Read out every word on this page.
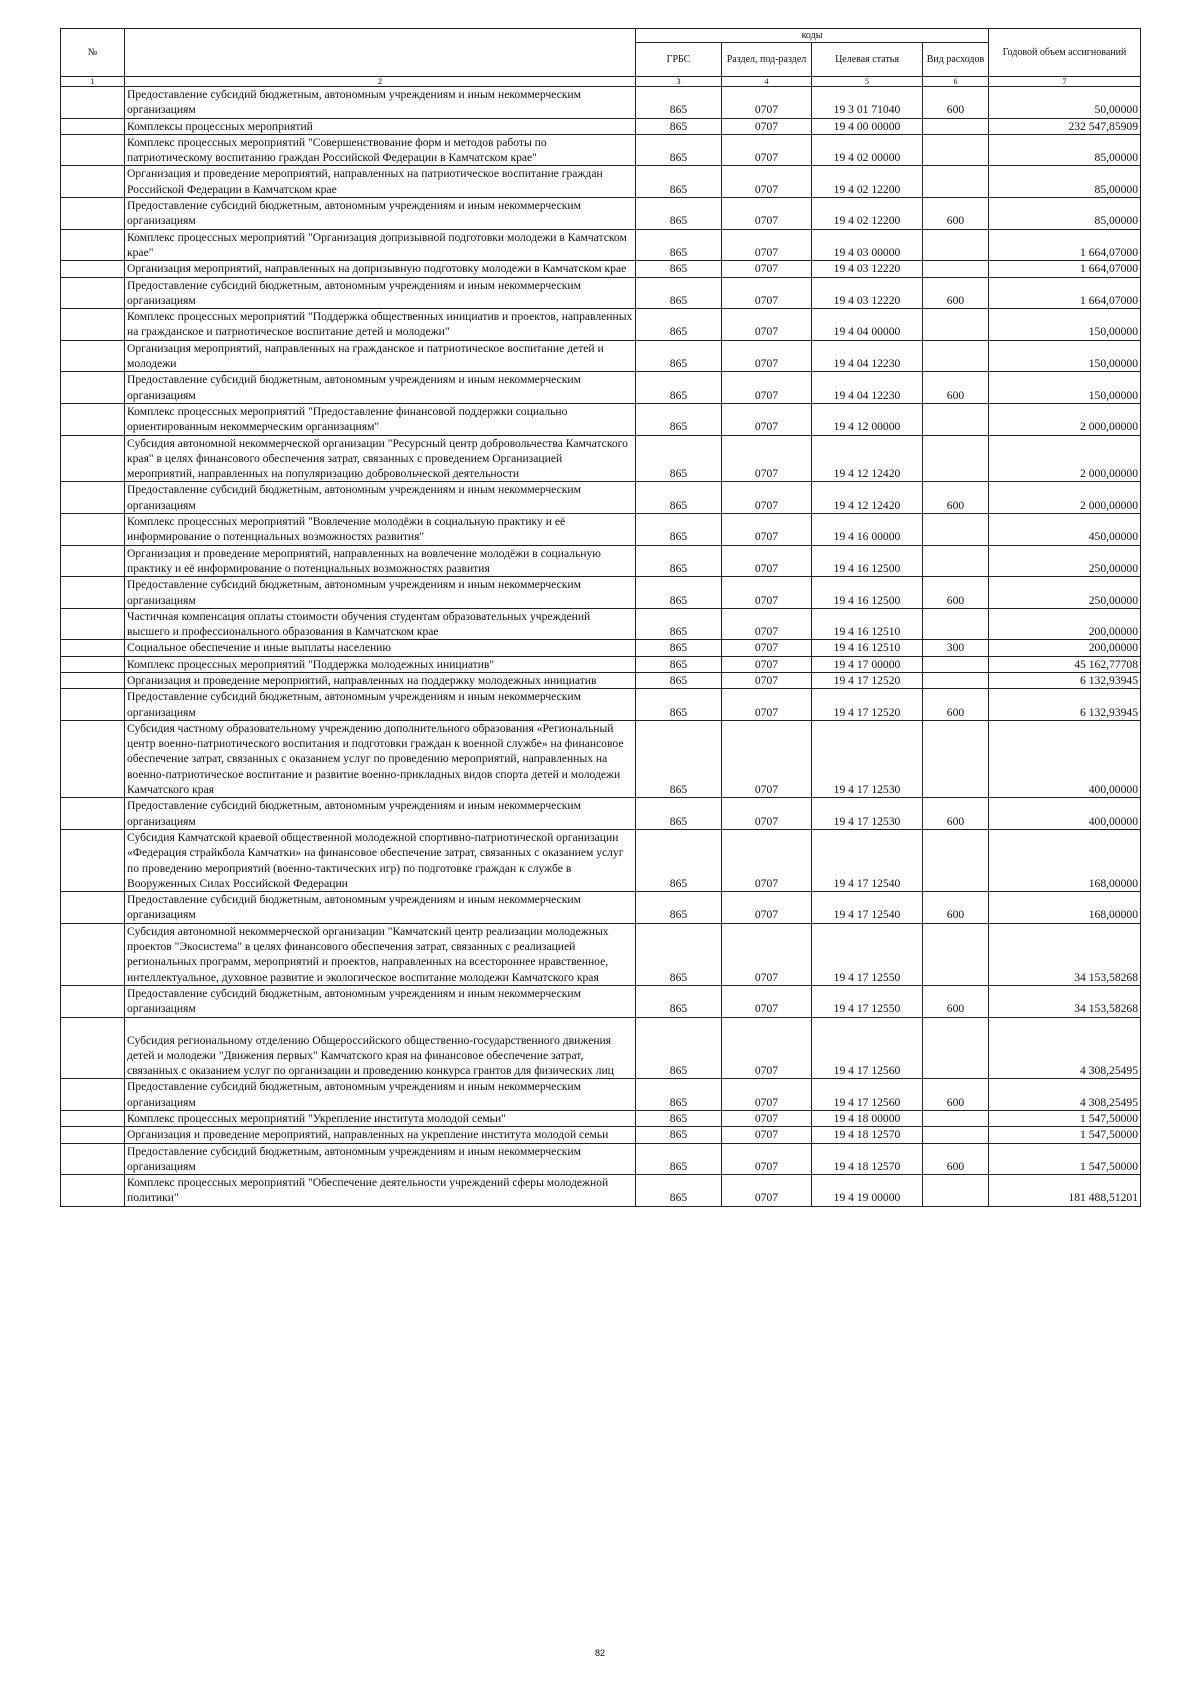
№		коды				Годовой объем ассигнований
		ГРБС	Раздел, под-раздел	Целевая статья	Вид расходов	
1	2	3	4	5	6	7
	Предоставление субсидий бюджетным, автономным учреждениям и иным некоммерческим организациям	865	0707	19 3 01 71040	600	50,00000
	Комплексы процессных мероприятий	865	0707	19 4 00 00000		232 547,85909
	Комплекс процессных мероприятий "Совершенствование форм и методов работы по патриотическому воспитанию граждан Российской Федерации в Камчатском крае"	865	0707	19 4 02 00000		85,00000
	Организация и проведение мероприятий, направленных на патриотическое воспитание граждан Российской Федерации в Камчатском крае	865	0707	19 4 02 12200		85,00000
	Предоставление субсидий бюджетным, автономным учреждениям и иным некоммерческим организациям	865	0707	19 4 02 12200	600	85,00000
	Комплекс процессных мероприятий "Организация допризывной подготовки молодежи в Камчатском крае"	865	0707	19 4 03 00000		1 664,07000
	Организация мероприятий, направленных на допризывную подготовку молодежи в Камчатском крае	865	0707	19 4 03 12220		1 664,07000
	Предоставление субсидий бюджетным, автономным учреждениям и иным некоммерческим организациям	865	0707	19 4 03 12220	600	1 664,07000
	Комплекс процессных мероприятий "Поддержка общественных инициатив и проектов, направленных на гражданское и патриотическое воспитание детей и молодежи"	865	0707	19 4 04 00000		150,00000
	Организация мероприятий, направленных на гражданское и патриотическое воспитание детей и молодежи	865	0707	19 4 04 12230		150,00000
	Предоставление субсидий бюджетным, автономным учреждениям и иным некоммерческим организациям	865	0707	19 4 04 12230	600	150,00000
	Комплекс процессных мероприятий "Предоставление финансовой поддержки социально ориентированным некоммерческим организациям"	865	0707	19 4 12 00000		2 000,00000
	Субсидия автономной некоммерческой организации "Ресурсный центр добровольчества Камчатского края" в целях финансового обеспечения затрат, связанных с проведением Организацией мероприятий, направленных на популяризацию добровольческой деятельности	865	0707	19 4 12 12420		2 000,00000
	Предоставление субсидий бюджетным, автономным учреждениям и иным некоммерческим организациям	865	0707	19 4 12 12420	600	2 000,00000
	Комплекс процессных мероприятий "Вовлечение молодёжи в социальную практику и её информирование о потенциальных возможностях развития"	865	0707	19 4 16 00000		450,00000
	Организация и проведение мероприятий, направленных на вовлечение молодёжи в социальную практику и её информирование о потенциальных возможностях развития	865	0707	19 4 16 12500		250,00000
	Предоставление субсидий бюджетным, автономным учреждениям и иным некоммерческим организациям	865	0707	19 4 16 12500	600	250,00000
	Частичная компенсация оплаты стоимости обучения студентам образовательных учреждений высшего и профессионального образования в Камчатском крае	865	0707	19 4 16 12510		200,00000
	Социальное обеспечение и иные выплаты населению	865	0707	19 4 16 12510	300	200,00000
	Комплекс процессных мероприятий "Поддержка молодежных инициатив"	865	0707	19 4 17 00000		45 162,77708
	Организация и проведение мероприятий, направленных на поддержку молодежных инициатив	865	0707	19 4 17 12520		6 132,93945
	Предоставление субсидий бюджетным, автономным учреждениям и иным некоммерческим организациям	865	0707	19 4 17 12520	600	6 132,93945
	Субсидия частному образовательному учреждению дополнительного образования «Региональный центр военно-патриотического воспитания и подготовки граждан к военной службе» на финансовое обеспечение затрат, связанных с оказанием услуг по проведению мероприятий, направленных на военно-патриотическое воспитание и развитие военно-прикладных видов спорта детей и молодежи Камчатского края	865	0707	19 4 17 12530		400,00000
	Предоставление субсидий бюджетным, автономным учреждениям и иным некоммерческим организациям	865	0707	19 4 17 12530	600	400,00000
	Субсидия Камчатской краевой общественной молодежной спортивно-патриотической организации «Федерация страйкбола Камчатки» на финансовое обеспечение затрат, связанных с оказанием услуг по проведению мероприятий (военно-тактических игр) по подготовке граждан к службе в Вооруженных Силах Российской Федерации	865	0707	19 4 17 12540		168,00000
	Предоставление субсидий бюджетным, автономным учреждениям и иным некоммерческим организациям	865	0707	19 4 17 12540	600	168,00000
	Субсидия автономной некоммерческой организации "Камчатский центр реализации молодежных проектов "Экосистема" в целях финансового обеспечения затрат, связанных с реализацией региональных программ, мероприятий и проектов, направленных на всестороннее нравственное, интеллектуальное, духовное развитие и экологическое воспитание молодежи Камчатского края	865	0707	19 4 17 12550		34 153,58268
	Предоставление субсидий бюджетным, автономным учреждениям и иным некоммерческим организациям	865	0707	19 4 17 12550	600	34 153,58268
	Субсидия региональному отделению Общероссийского общественно-государственного движения детей и молодежи "Движения первых" Камчатского края на финансовое обеспечение затрат, связанных с оказанием услуг по организации и проведению конкурса грантов для физических лиц	865	0707	19 4 17 12560		4 308,25495
	Предоставление субсидий бюджетным, автономным учреждениям и иным некоммерческим организациям	865	0707	19 4 17 12560	600	4 308,25495
	Комплекс процессных мероприятий "Укрепление института молодой семьи"	865	0707	19 4 18 00000		1 547,50000
	Организация и проведение мероприятий, направленных на укрепление института молодой семьи	865	0707	19 4 18 12570		1 547,50000
	Предоставление субсидий бюджетным, автономным учреждениям и иным некоммерческим организациям	865	0707	19 4 18 12570	600	1 547,50000
	Комплекс процессных мероприятий "Обеспечение деятельности учреждений сферы молодежной политики"	865	0707	19 4 19 00000		181 488,51201
82
